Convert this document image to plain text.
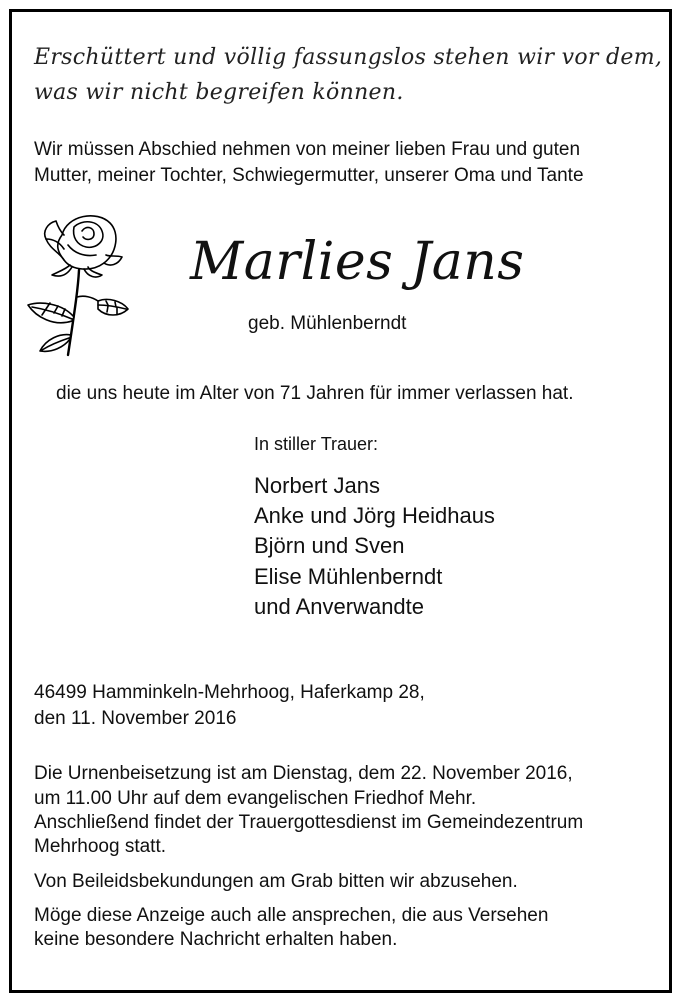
Erschüttert und völlig fassungslos stehen wir vor dem,
was wir nicht begreifen können.
Wir müssen Abschied nehmen von meiner lieben Frau und guten
Mutter, meiner Tochter, Schwiegermutter, unserer Oma und Tante
Marlies Jans
geb. Mühlenberndt
die uns heute im Alter von 71 Jahren für immer verlassen hat.
In stiller Trauer:
Norbert Jans
Anke und Jörg Heidhaus
Björn und Sven
Elise Mühlenberndt
und Anverwandte
46499 Hamminkeln-Mehrhoog, Haferkamp 28,
den 11. November 2016
Die Urnenbeisetzung ist am Dienstag, dem 22. November 2016,
um 11.00 Uhr auf dem evangelischen Friedhof Mehr.
Anschließend findet der Trauergottesdienst im Gemeindezentrum
Mehrhoog statt.
Von Beileidsbekundungen am Grab bitten wir abzusehen.
Möge diese Anzeige auch alle ansprechen, die aus Versehen
keine besondere Nachricht erhalten haben.
